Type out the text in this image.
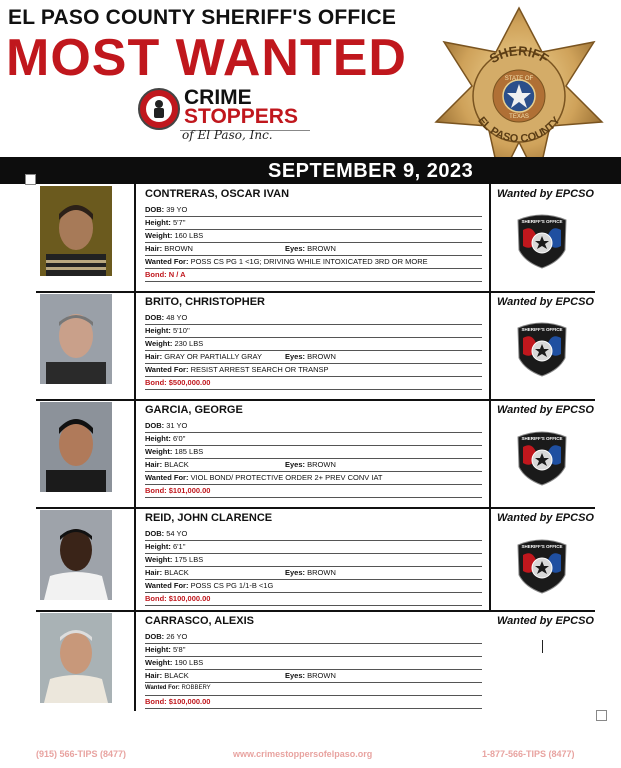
EL PASO COUNTY SHERIFF'S OFFICE
MOST WANTED
CRIME
STOPPERS
of El Paso, Inc.
SHERIFF
STATE OF
TEXAS
EL PASO COUNTY
SEPTEMBER 9, 2023
CONTRERAS, OSCAR IVAN
DOB: 39 YO
Height: 5'7''
Weight: 160 LBS
Hair: BROWN	Eyes: BROWN
Wanted For: POSS CS PG 1 <1G; DRIVING WHILE INTOXICATED 3RD OR MORE
Bond: N / A
Wanted by EPCSO
BRITO, CHRISTOPHER
DOB: 48 YO
Height: 5'10''
Weight: 230 LBS
Hair: GRAY OR PARTIALLY GRAY	Eyes: BROWN
Wanted For: RESIST ARREST SEARCH OR TRANSP
Bond: $500,000.00
Wanted by EPCSO
GARCIA, GEORGE
DOB: 31 YO
Height: 6'0"
Weight: 185 LBS
Hair: BLACK	Eyes: BROWN
Wanted For: VIOL BOND/ PROTECTIVE ORDER 2+ PREV CONV IAT
Bond: $101,000.00
Wanted by EPCSO
REID, JOHN CLARENCE
DOB: 54 YO
Height: 6'1''
Weight: 175 LBS
Hair: BLACK	Eyes: BROWN
Wanted For: POSS CS PG 1/1-B <1G
Bond: $100,000.00
Wanted by EPCSO
CARRASCO, ALEXIS
DOB: 26 YO
Height: 5'8''
Weight: 190 LBS
Hair: BLACK	Eyes: BROWN
Wanted For: ROBBERY
Bond: $100,000.00
Wanted by EPCSO
SHERIFF'S OFFICE
SHERIFF'S OFFICE
SHERIFF'S OFFICE
SHERIFF'S OFFICE
(915) 566-TIPS (8477)	www.crimestoppersofelpaso.org	1-877-566-TIPS (8477)
